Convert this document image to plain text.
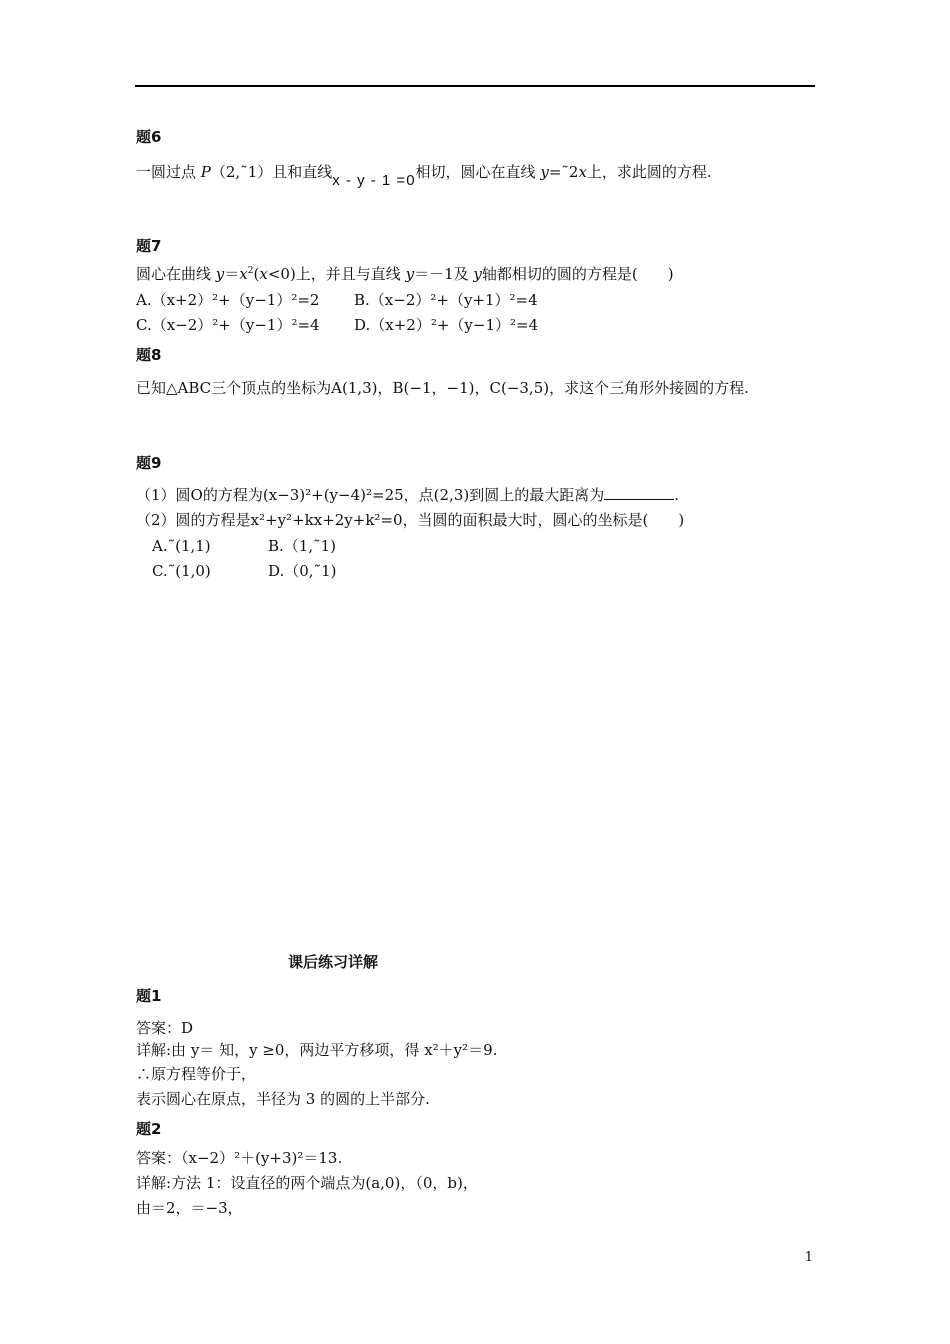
题6
一圆过点 P（2,˜1）且和直线x - y - 1 =0相切，圆心在直线 y=˜2x上，求此圆的方程.
题7
圆心在曲线 $y=x^2(x<0)$上，并且与直线 y＝－1及 y轴都相切的圆的方程是(　　)
A.（x+2）²+（y−1）²=2 B.（x−2）²+（y+1）²=4
C.（x−2）²+（y−1）²=4 D.（x+2）²+（y−1）²=4
题8
已知△ABC三个顶点的坐标为A(1,3)，B(−1，−1)，C(−3,5)，求这个三角形外接圆的方程.
题9
（1）圆O的方程为(x−3)²+(y−4)²=25，点(2,3)到圆上的最大距离为	.
（2）圆的方程是x²+y²+kx+2y+k²=0，当圆的面积最大时，圆心的坐标是(　　)
A.˜(1,1)	B.（1,˜1)
C.˜(1,0)	D.（0,˜1)
课后练习详解
题1
答案：D
详解:由 y＝ 知，y ≥0，两边平方移项，得 x²＋y²＝9.
∴原方程等价于，
表示圆心在原点，半径为 3 的圆的上半部分.
题2
答案：（x−2）²＋(y+3)²＝13.
详解:方法 1：设直径的两个端点为(a,0)，（0，b)，
由＝2，＝−3，
1
